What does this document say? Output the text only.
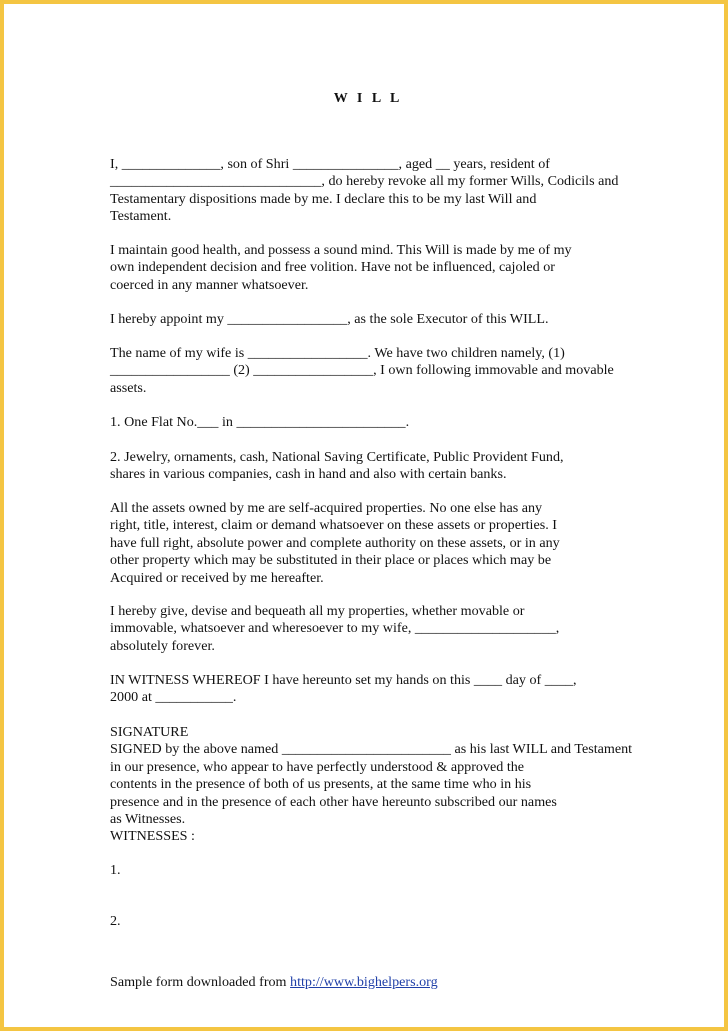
W I L L
I, ______________, son of Shri _______________, aged __ years, resident of
______________________________, do hereby revoke all my former Wills, Codicils and
Testamentary dispositions made by me. I declare this to be my last Will and
Testament.
I maintain good health, and possess a sound mind. This Will is made by me of my
own independent decision and free volition. Have not be influenced, cajoled or
coerced in any manner whatsoever.
I hereby appoint my _________________, as the sole Executor of this WILL.
The name of my wife is _________________. We have two children namely, (1)
_________________ (2) _________________, I own following immovable and movable
assets.
1. One Flat No.___ in ________________________.
2. Jewelry, ornaments, cash, National Saving Certificate, Public Provident Fund,
shares in various companies, cash in hand and also with certain banks.
All the assets owned by me are self-acquired properties. No one else has any
right, title, interest, claim or demand whatsoever on these assets or properties. I
have full right, absolute power and complete authority on these assets, or in any
other property which may be substituted in their place or places which may be
Acquired or received by me hereafter.
I hereby give, devise and bequeath all my properties, whether movable or
immovable, whatsoever and wheresoever to my wife, ____________________,
absolutely forever.
IN WITNESS WHEREOF I have hereunto set my hands on this ____ day of ____,
2000 at ___________.
SIGNATURE
SIGNED by the above named ________________________ as his last WILL and Testament
in our presence, who appear to have perfectly understood & approved the
contents in the presence of both of us presents, at the same time who in his
presence and in the presence of each other have hereunto subscribed our names
as Witnesses.
WITNESSES :
1.
2.
Sample form downloaded from http://www.bighelpers.org
